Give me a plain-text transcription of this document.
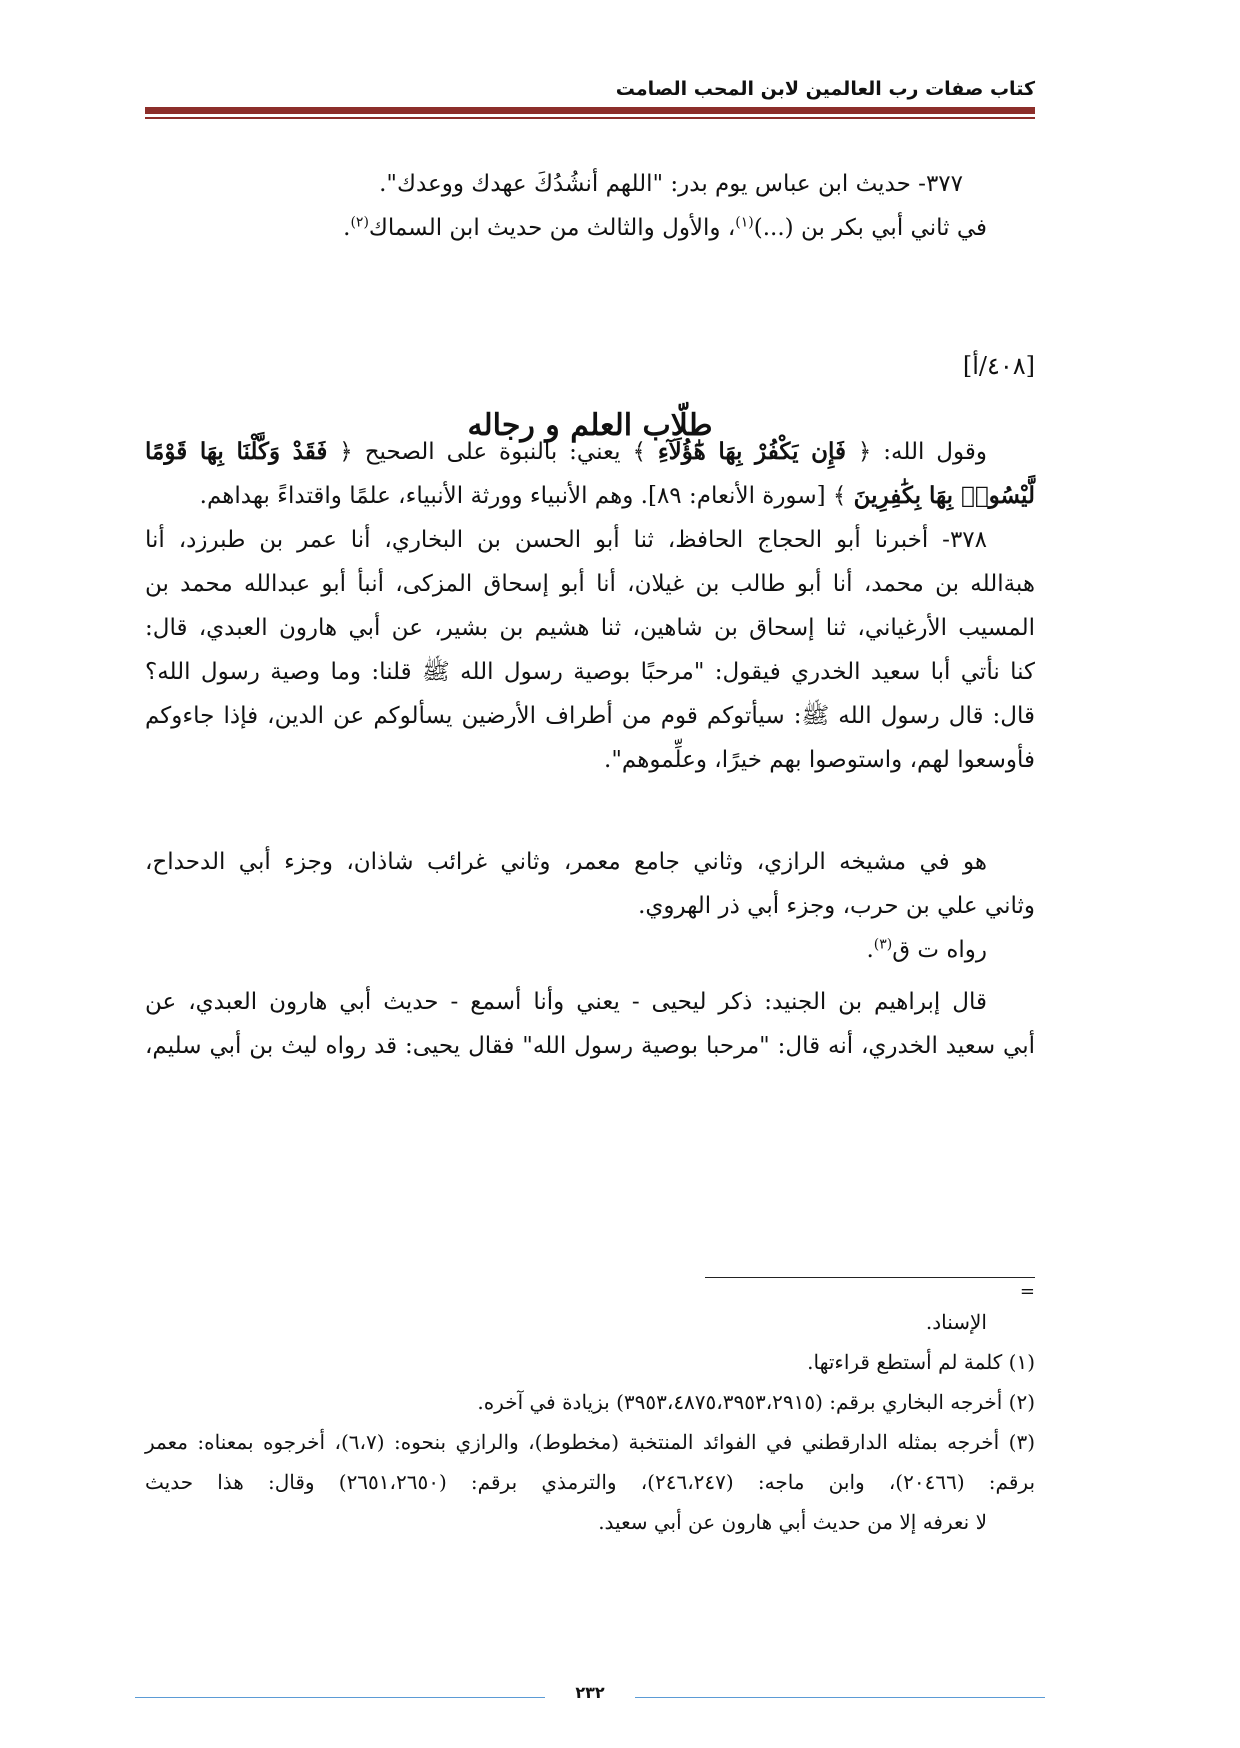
كتاب صفات رب العالمين لابن المحب الصامت
٣٧٧- حديث ابن عباس يوم بدر: "اللهم أنشُدُكَ عهدك ووعدك".
في ثاني أبي بكر بن (...)$^{(١)}$، والأول والثالث من حديث ابن السماك$^{(٢)}$.
[٤٠٨/أ]
طلّاب العلم و رجاله
وقول الله: ﴿ فَإِن يَكْفُرْ بِهَا هَٰٓؤُلَآءِ ﴾ يعني: بالنبوة على الصحيح ﴿ فَقَدْ وَكَّلْنَا بِهَا قَوْمًا
لَّيْسُوا۟ بِهَا بِكَٰفِرِينَ ﴾ [سورة الأنعام: ٨٩]. وهم الأنبياء وورثة الأنبياء، علمًا واقتداءً بهداهم.
٣٧٨- أخبرنا أبو الحجاج الحافظ، ثنا أبو الحسن بن البخاري، أنا عمر بن طبرزد، أنا
هبةالله بن محمد، أنا أبو طالب بن غيلان، أنا أبو إسحاق المزكى، أنبأ أبو عبدالله محمد بن
المسيب الأرغياني، ثنا إسحاق بن شاهين، ثنا هشيم بن بشير، عن أبي هارون العبدي، قال:
كنا نأتي أبا سعيد الخدري فيقول: "مرحبًا بوصية رسول الله ﷺ قلنا: وما وصية رسول الله؟
قال: قال رسول الله ﷺ: سيأتوكم قوم من أطراف الأرضين يسألوكم عن الدين، فإذا جاءوكم
فأوسعوا لهم، واستوصوا بهم خيرًا، وعلِّموهم".
هو في مشيخه الرازي، وثاني جامع معمر، وثاني غرائب شاذان، وجزء أبي الدحداح،
وثاني علي بن حرب، وجزء أبي ذر الهروي.
رواه ت ق$^{(٣)}$.
قال إبراهيم بن الجنيد: ذكر ليحيى - يعني وأنا أسمع - حديث أبي هارون العبدي، عن
أبي سعيد الخدري، أنه قال: "مرحبا بوصية رسول الله" فقال يحيى: قد رواه ليث بن أبي سليم،
=
الإسناد.
(١) كلمة لم أستطع قراءتها.
(٢) أخرجه البخاري برقم: (٣٩٥٣،٤٨٧٥،٣٩٥٣،٢٩١٥) بزيادة في آخره.
(٣) أخرجه بمثله الدارقطني في الفوائد المنتخبة (مخطوط)، والرازي بنحوه: (٦،٧)، أخرجوه بمعناه: معمر
برقم: (٢٠٤٦٦)، وابن ماجه: (٢٤٦،٢٤٧)، والترمذي برقم: (٢٦٥١،٢٦٥٠) وقال: هذا حديث
لا نعرفه إلا من حديث أبي هارون عن أبي سعيد.
٢٣٢
